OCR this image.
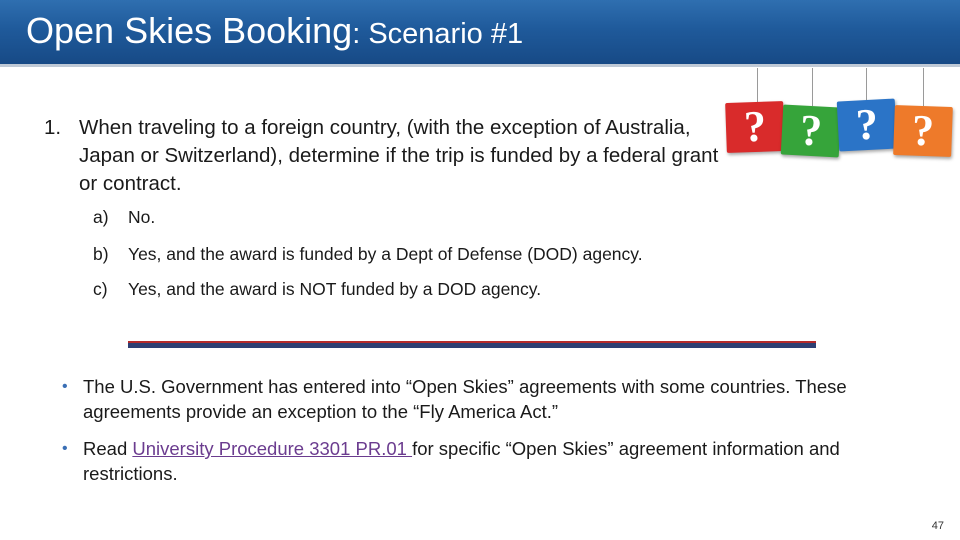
Open Skies Booking: Scenario #1
1. When traveling to a foreign country, (with the exception of Australia, Japan or Switzerland), determine if the trip is funded by a federal grant or contract.
a) No.
b) Yes, and the award is funded by a Dept of Defense (DOD) agency.
c) Yes, and the award is NOT funded by a DOD agency.
• The U.S. Government has entered into “Open Skies” agreements with some countries. These agreements provide an exception to the “Fly America Act.”
• Read University Procedure 3301 PR.01 for specific “Open Skies” agreement information and restrictions.
? ? ? ?
47
